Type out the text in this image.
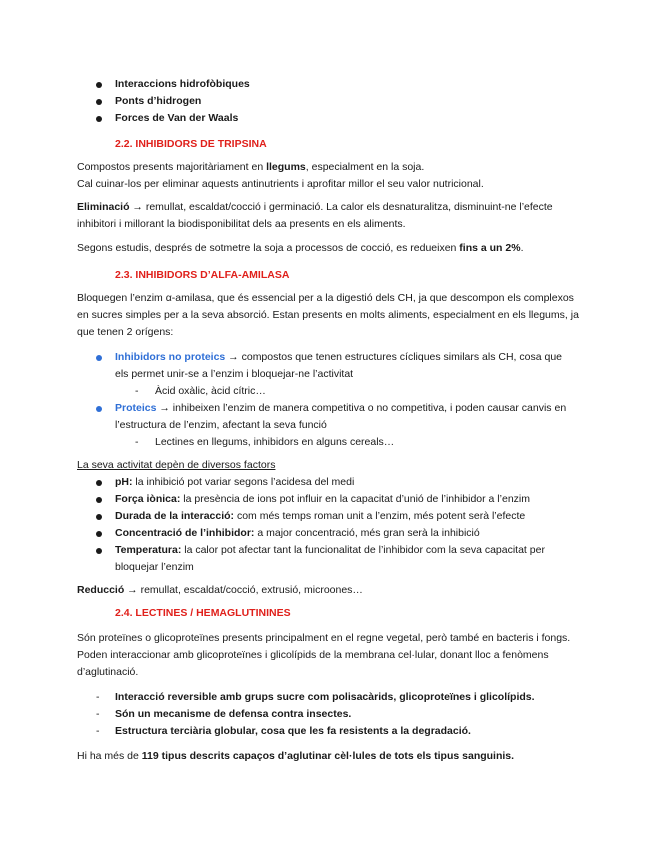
Interaccions hidrofòbiques
Ponts d’hidrogen
Forces de Van der Waals

2.2. INHIBIDORS DE TRIPSINA

Compostos presents majoritàriament en llegums, especialment en la soja.
Cal cuinar-los per eliminar aquests antinutrients i aprofitar millor el seu valor nutricional.

Eliminació → remullat, escaldat/cocció i germinació. La calor els desnaturalitza, disminuint-ne l’efecte inhibitori i millorant la biodisponibilitat dels aa presents en els aliments.

Segons estudis, després de sotmetre la soja a processos de cocció, es redueixen fins a un 2%.

2.3. INHIBIDORS D’ALFA-AMILASA

Bloquegen l’enzim α-amilasa, que és essencial per a la digestió dels CH, ja que descompon els complexos en sucres simples per a la seva absorció. Estan presents en molts aliments, especialment en els llegums, ja que tenen 2 orígens:

Inhibidors no proteics → compostos que tenen estructures cícliques similars als CH, cosa que els permet unir-se a l’enzim i bloquejar-ne l’activitat
- Àcid oxàlic, àcid cítric…
Proteics → inhibeixen l’enzim de manera competitiva o no competitiva, i poden causar canvis en l’estructura de l’enzim, afectant la seva funció
- Lectines en llegums, inhibidors en alguns cereals…

La seva activitat depèn de diversos factors

pH: la inhibició pot variar segons l’acidesa del medi
Força iònica: la presència de ions pot influir en la capacitat d’unió de l’inhibidor a l’enzim
Durada de la interacció: com més temps roman unit a l’enzim, més potent serà l’efecte
Concentració de l’inhibidor: a major concentració, més gran serà la inhibició
Temperatura: la calor pot afectar tant la funcionalitat de l’inhibidor com la seva capacitat per bloquejar l’enzim

Reducció → remullat, escaldat/cocció, extrusió, microones…

2.4. LECTINES / HEMAGLUTININES

Són proteïnes o glicoproteïnes presents principalment en el regne vegetal, però també en bacteris i fongs. Poden interaccionar amb glicoproteïnes i glicolípids de la membrana cel·lular, donant lloc a fenòmens d’aglutinació.

- Interacció reversible amb grups sucre com polisacàrids, glicoproteïnes i glicolípids.
- Són un mecanisme de defensa contra insectes.
- Estructura terciària globular, cosa que les fa resistents a la degradació.

Hi ha més de 119 tipus descrits capaços d’aglutinar cèl·lules de tots els tipus sanguinis.
